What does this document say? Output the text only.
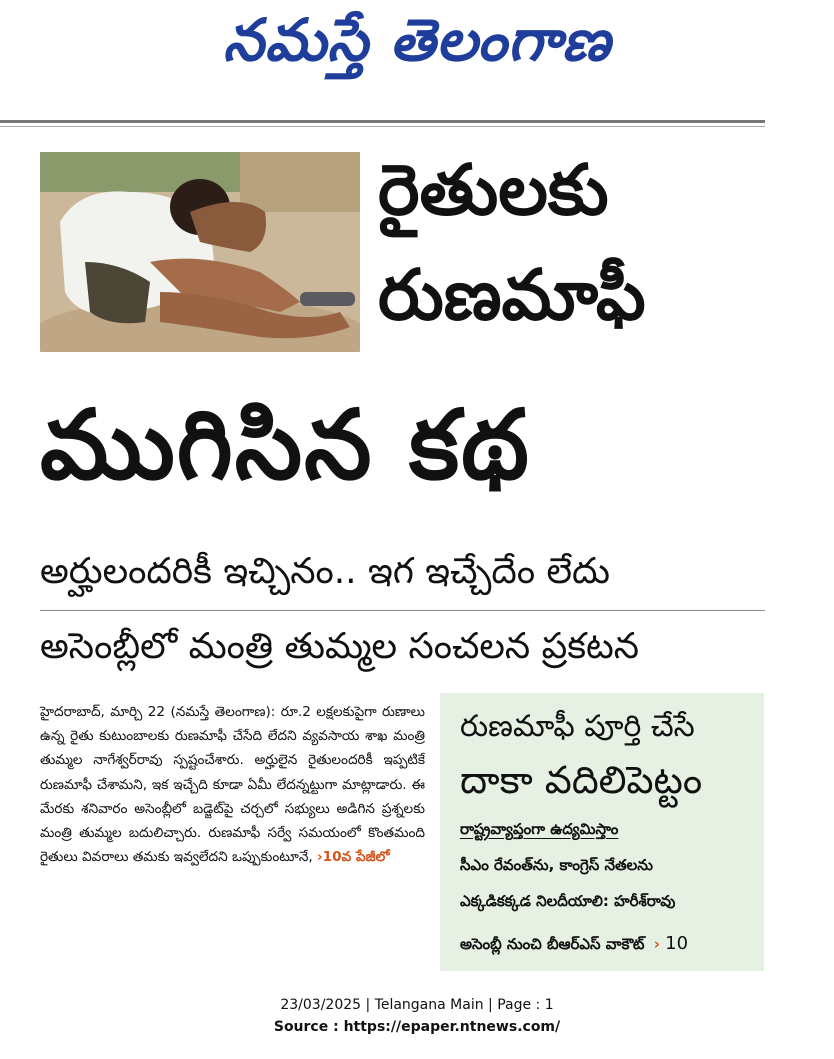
నమస్తే తెలంగాణ
రైతులకు
రుణమాఫీ
ముగిసిన కథ
అర్హులందరికీ ఇచ్చినం.. ఇగ ఇచ్చేదేం లేదు
అసెంబ్లీలో మంత్రి తుమ్మల సంచలన ప్రకటన
హైదరాబాద్, మార్చి 22 (నమస్తే తెలంగాణ): రూ.2 లక్షలకుపైగా రుణాలు ఉన్న రైతు కుటుంబాలకు రుణమాఫీ చేసేది లేదని వ్యవసాయ శాఖ మంత్రి తుమ్మల నాగేశ్వర్‌రావు స్పష్టంచేశారు. అర్హులైన రైతులందరికీ ఇప్పటికే రుణమాఫీ చేశామని, ఇక ఇచ్చేది కూడా ఏమీ లేదన్నట్టుగా మాట్లాడారు. ఈ మేరకు శనివారం అసెంబ్లీలో బడ్జెట్‌పై చర్చలో సభ్యులు అడిగిన ప్రశ్నలకు మంత్రి తుమ్మల బదులిచ్చారు. రుణమాఫీ సర్వే సమయంలో కొంతమంది రైతులు వివరాలు తమకు ఇవ్వలేదని ఒప్పుకుంటూనే, ›10వ పేజీలో
రుణమాఫీ పూర్తి చేసే
దాకా వదిలిపెట్టం
రాష్ట్రవ్యాప్తంగా ఉద్యమిస్తాం
సీఎం రేవంత్‌ను, కాంగ్రెస్ నేతలను
ఎక్కడికక్కడ నిలదీయాలి: హరీశ్‌రావు
అసెంబ్లీ నుంచి బీఆర్‌ఎస్ వాకౌట్ › 10
23/03/2025 | Telangana Main | Page : 1
Source : https://epaper.ntnews.com/
